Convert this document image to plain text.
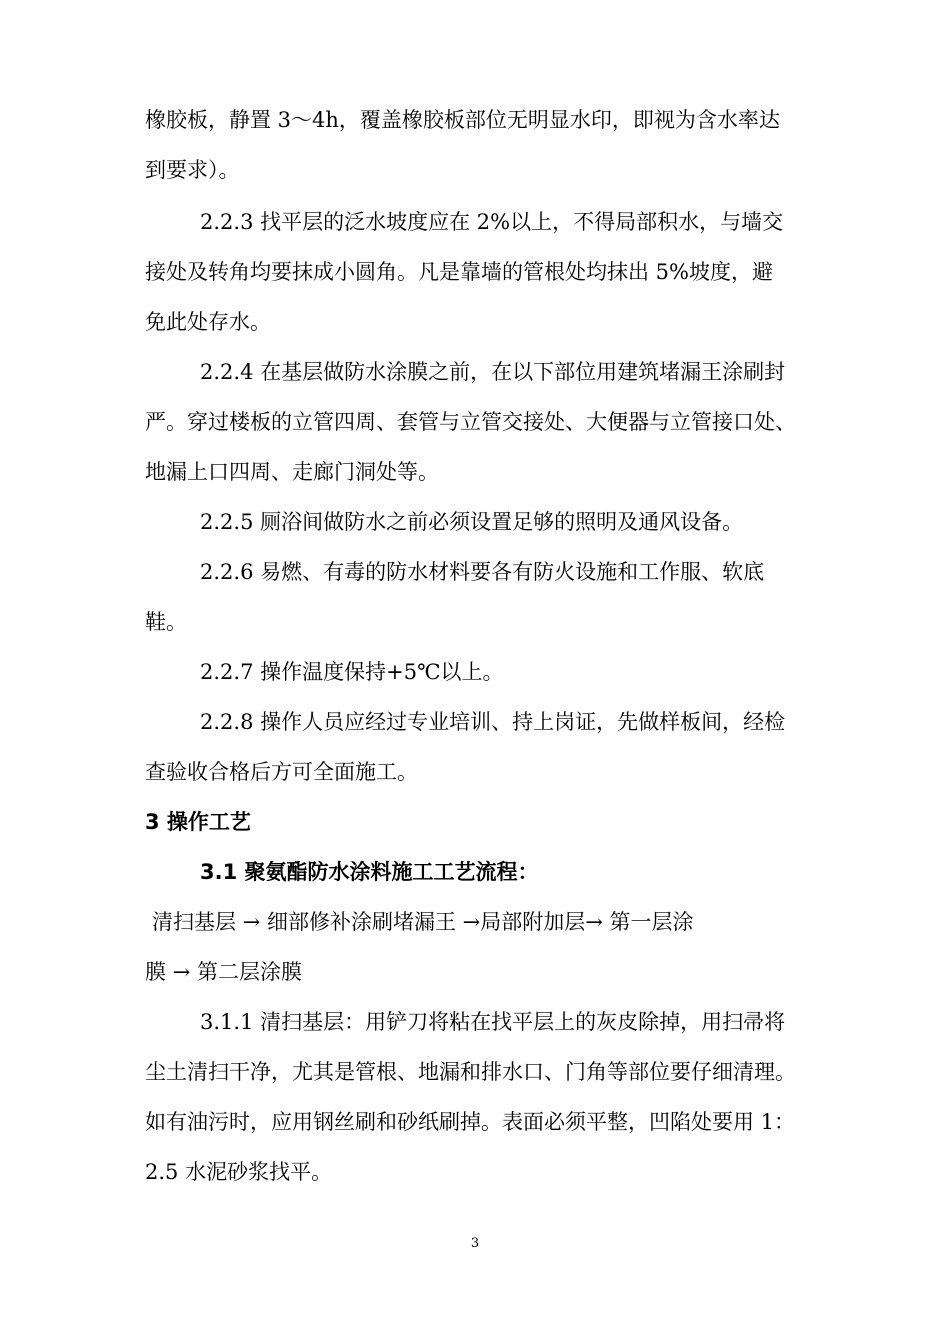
橡胶板，静置 3～4h，覆盖橡胶板部位无明显水印，即视为含水率达
到要求）。
2.2.3 找平层的泛水坡度应在 2%以上，不得局部积水，与墙交
接处及转角均要抹成小圆角。凡是靠墙的管根处均抹出 5%坡度，避
免此处存水。
2.2.4 在基层做防水涂膜之前，在以下部位用建筑堵漏王涂刷封
严。穿过楼板的立管四周、套管与立管交接处、大便器与立管接口处、
地漏上口四周、走廊门洞处等。
2.2.5 厕浴间做防水之前必须设置足够的照明及通风设备。
2.2.6 易燃、有毒的防水材料要各有防火设施和工作服、软底
鞋。
2.2.7 操作温度保持+5℃以上。
2.2.8 操作人员应经过专业培训、持上岗证，先做样板间，经检
查验收合格后方可全面施工。
3 操作工艺
3.1 聚氨酯防水涂料施工工艺流程：
清扫基层 → 细部修补涂刷堵漏王 →局部附加层→ 第一层涂
膜 → 第二层涂膜
3.1.1 清扫基层：用铲刀将粘在找平层上的灰皮除掉，用扫帚将
尘土清扫干净，尤其是管根、地漏和排水口、门角等部位要仔细清理。
如有油污时，应用钢丝刷和砂纸刷掉。表面必须平整，凹陷处要用 1：
2.5 水泥砂浆找平。
3
